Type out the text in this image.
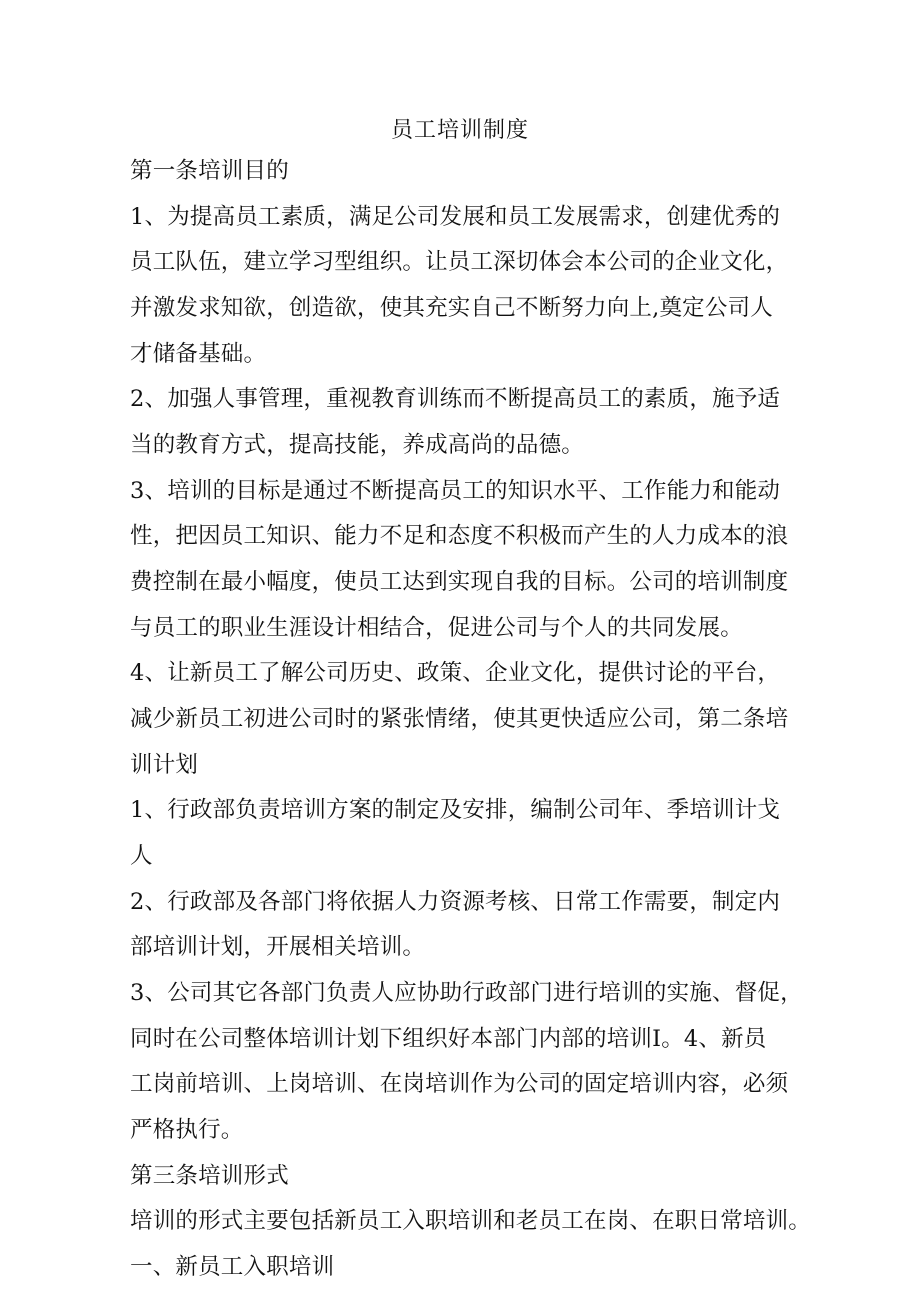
员工培训制度
第一条培训目的
1、为提高员工素质，满足公司发展和员工发展需求，创建优秀的
员工队伍，建立学习型组织。让员工深切体会本公司的企业文化，
并激发求知欲，创造欲，使其充实自己不断努力向上,奠定公司人
才储备基础。
2、加强人事管理，重视教育训练而不断提高员工的素质，施予适
当的教育方式，提高技能，养成高尚的品德。
3、培训的目标是通过不断提高员工的知识水平、工作能力和能动
性，把因员工知识、能力不足和态度不积极而产生的人力成本的浪
费控制在最小幅度，使员工达到实现自我的目标。公司的培训制度
与员工的职业生涯设计相结合，促进公司与个人的共同发展。
4、让新员工了解公司历史、政策、企业文化，提供讨论的平台，
减少新员工初进公司时的紧张情绪，使其更快适应公司，第二条培
训计划
1、行政部负责培训方案的制定及安排，编制公司年、季培训计戈
人
2、行政部及各部门将依据人力资源考核、日常工作需要，制定内
部培训计划，开展相关培训。
3、公司其它各部门负责人应协助行政部门进行培训的实施、督促，
同时在公司整体培训计划下组织好本部门内部的培训I。4、新员
工岗前培训、上岗培训、在岗培训作为公司的固定培训内容，必须
严格执行。
第三条培训形式
培训的形式主要包括新员工入职培训和老员工在岗、在职日常培训。
一、新员工入职培训
